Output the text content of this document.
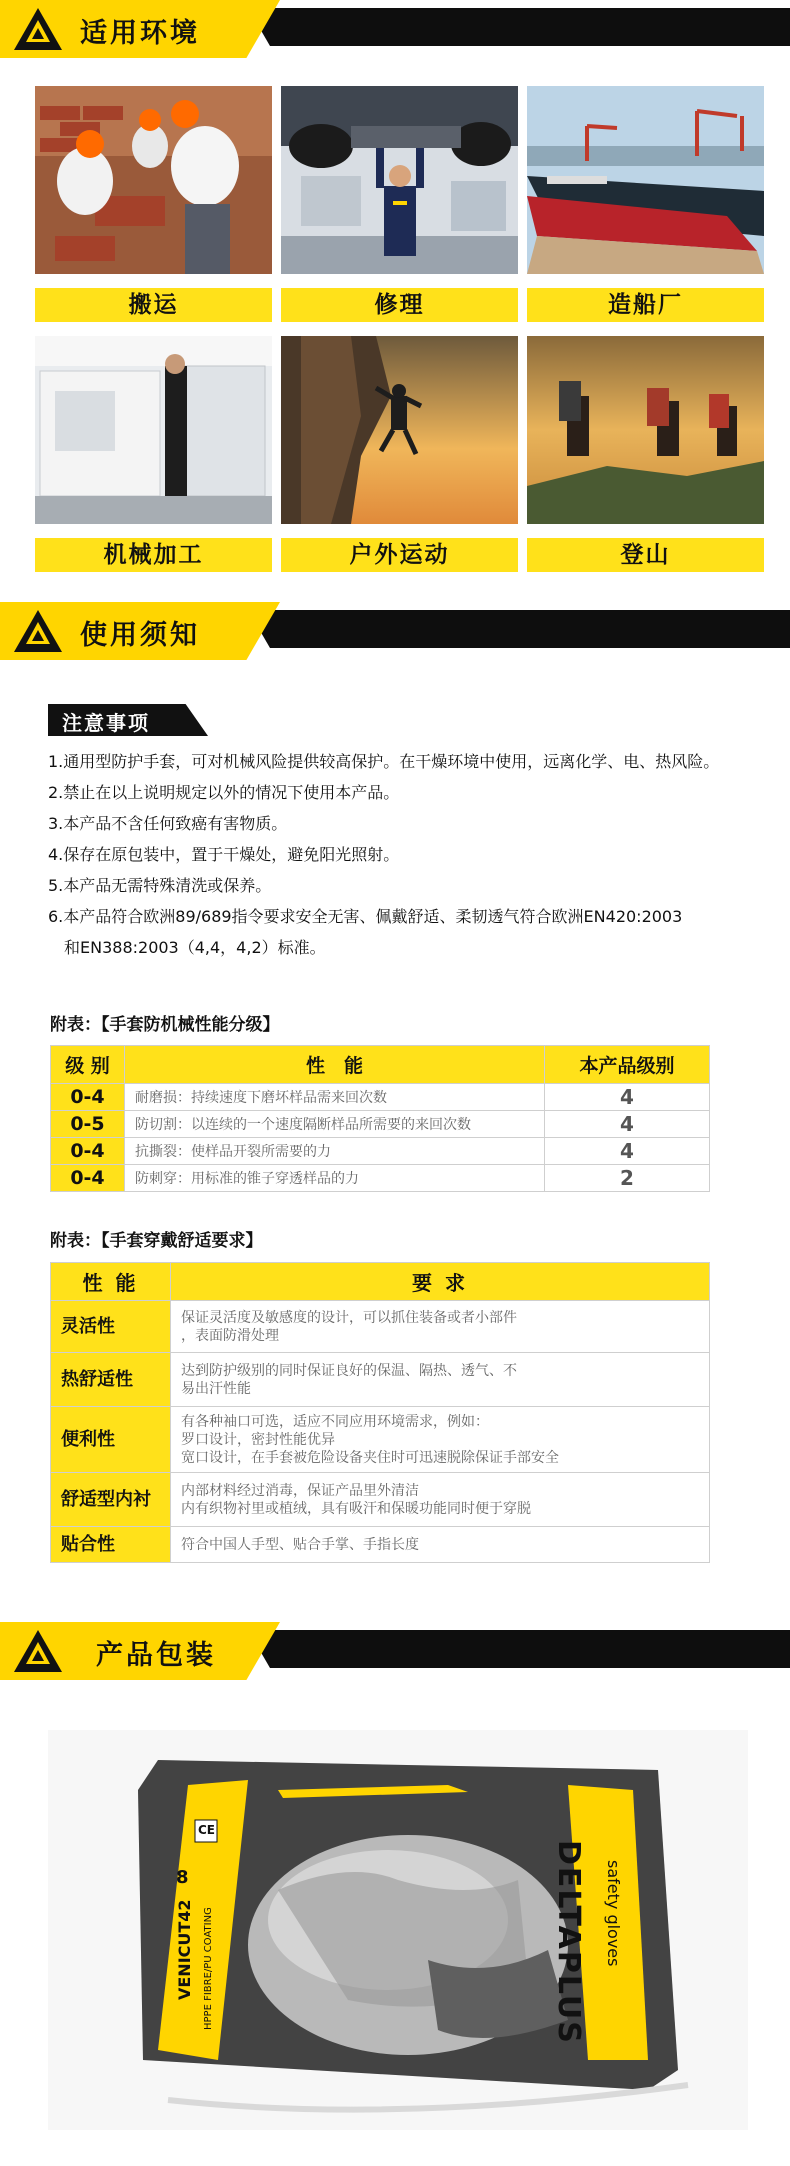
适用环境
搬运	修理	造船厂
机械加工	户外运动	登山
使用须知
注意事项
1.通用型防护手套，可对机械风险提供较高保护。在干燥环境中使用，远离化学、电、热风险。
2.禁止在以上说明规定以外的情况下使用本产品。
3.本产品不含任何致癌有害物质。
4.保存在原包装中，置于干燥处，避免阳光照射。
5.本产品无需特殊清洗或保养。
6.本产品符合欧洲89/689指令要求安全无害、佩戴舒适、柔韧透气符合欧洲EN420:2003
和EN388:2003（4,4，4,2）标准。
附表：【手套防机械性能分级】
级 别	性　能	本产品级别
0-4	耐磨损：持续速度下磨坏样品需来回次数	4
0-5	防切割：以连续的一个速度隔断样品所需要的来回次数	4
0-4	抗撕裂：使样品开裂所需要的力	4
0-4	防刺穿：用标准的锥子穿透样品的力	2
附表：【手套穿戴舒适要求】
性 能	要 求
灵活性	保证灵活度及敏感度的设计，可以抓住装备或者小部件
，表面防滑处理

热舒适性	达到防护级别的同时保证良好的保温、隔热、透气、不
易出汗性能

便利性	有各种袖口可选，适应不同应用环境需求，例如：
罗口设计，密封性能优异
宽口设计，在手套被危险设备夹住时可迅速脱除保证手部安全

舒适型内衬	内部材料经过消毒，保证产品里外清洁
内有织物衬里或植绒，具有吸汗和保暖功能同时便于穿脱

贴合性	符合中国人手型、贴合手掌、手指长度
产品包装
DELTAPLUS safety gloves
VENICUT42
8
CE
HPPE FIBRE/PU COATING
